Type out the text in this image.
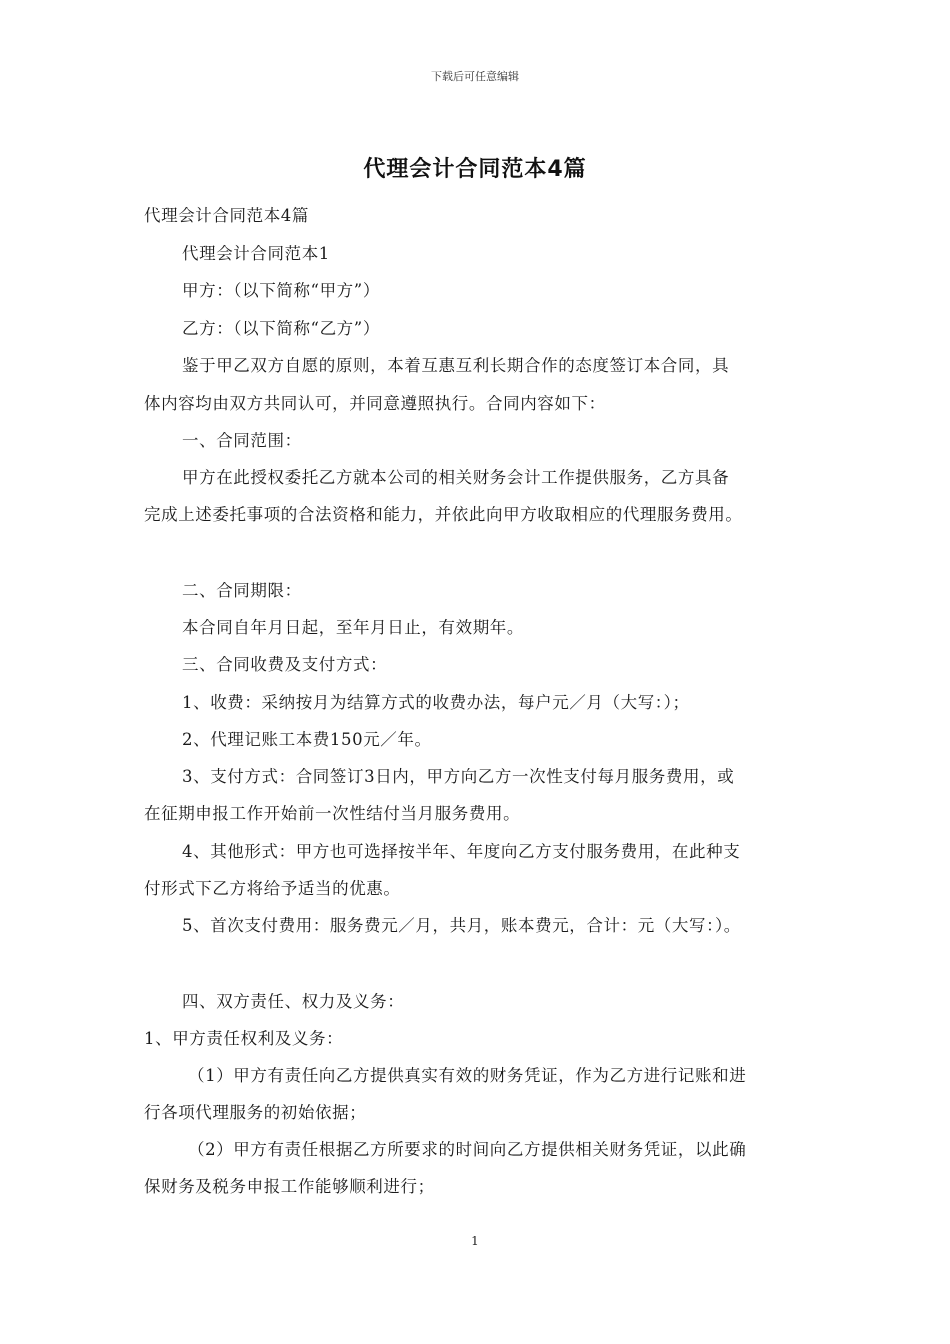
下载后可任意编辑
代理会计合同范本4篇
代理会计合同范本4篇
代理会计合同范本1
甲方：（以下简称“甲方”）
乙方：（以下简称“乙方”）
鉴于甲乙双方自愿的原则，本着互惠互利长期合作的态度签订本合同，具
体内容均由双方共同认可，并同意遵照执行。合同内容如下：
一、合同范围：
甲方在此授权委托乙方就本公司的相关财务会计工作提供服务，乙方具备
完成上述委托事项的合法资格和能力，并依此向甲方收取相应的代理服务费用。
二、合同期限：
本合同自年月日起，至年月日止，有效期年。
三、合同收费及支付方式：
1、收费：采纳按月为结算方式的收费办法，每户元／月（大写：）；
2、代理记账工本费150元／年。
3、支付方式：合同签订3日内，甲方向乙方一次性支付每月服务费用，或
在征期申报工作开始前一次性结付当月服务费用。
4、其他形式：甲方也可选择按半年、年度向乙方支付服务费用，在此种支
付形式下乙方将给予适当的优惠。
5、首次支付费用：服务费元／月，共月，账本费元，合计：元（大写：）。
四、双方责任、权力及义务：
1、甲方责任权利及义务：
（1）甲方有责任向乙方提供真实有效的财务凭证，作为乙方进行记账和进
行各项代理服务的初始依据；
（2）甲方有责任根据乙方所要求的时间向乙方提供相关财务凭证，以此确
保财务及税务申报工作能够顺利进行；
1
